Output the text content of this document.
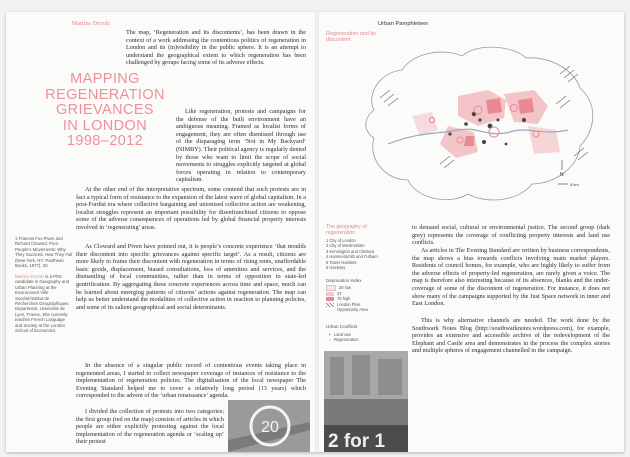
Martine Drozdz

The map, ‘Regeneration and its discontents’, has been drawn in the context of a work addressing the contentious politics of regeneration in London and its (in)visibility in the public sphere. It is an attempt to understand the geographical extent to which regeneration has been challenged by groups facing some of its adverse effects.

MAPPING
REGENERATION
GRIEVANCES
IN LONDON
1998–2012
Like regeneration, protests and campaigns for the defense of the built environment have an ambiguous meaning. Framed as localist forms of engagement, they are often dismissed through use of the disparaging term ‘Not in My Backyard’ (NIMBY). Their political agency is regularly denied by those who want to limit the scope of social movements to struggles explicitly targeted at global forces operating in relation to contemporary capitalism.
At the other end of the interpretative spectrum, some contend that such protests are in fact a typical form of resistance to the expansion of the latest wave of global capitalism. In a post-Fordist era where collective bargaining and unionised collective action are weakening, localist struggles represent an important possibility for disenfranchised citizens to oppose some of the adverse consequences of operations led by global financial property interests involved in ‘regenerating’ areas.
1 Frances Fox Piven and Richard Cloward, Poor People’s Movements: Why They Succeed, How They Fail (New-York, NY: Pantheon Books, 1977), 20.
Martine Drozdz is a PhD candidate in Geography and Urban Planning at the Environment Ville Société/Institut de Recherches Géographiques Department, Université de Lyon, France. She currently teaches French Language and Society at the London School of Economics.
As Cloward and Piven have pointed out, it is people’s concrete experience ‘that moulds their discontent into specific grievances against specific target’. As a result, citizens are more likely to frame their discontent with regeneration in terms of rising rents, unaffordable basic goods, displacement, biased consultations, loss of amenities and services, and the dismantling of local communities, rather than in terms of opposition to state-led gentrification. By aggregating these concrete experiences across time and space, much can be learned about emerging patterns of citizens’ actions against regeneration. The map can help us better understand the modalities of collective action in reaction to planning policies, and some of its salient geographical and social determinants.
In the absence of a singular public record of contentious events taking place in regenerated areas, I started to collect newspaper coverage of instances of resistance to the implementation of regeneration policies. The digitalisation of the local newspaper The Evening Standard helped me to cover a relatively long period (13 years) which corresponded to the advent of the ‘urban renaissance’ agenda.
I divided the collection of protests into two categories; the first group (red on the map) consists of articles in which people are either explicitly protesting against the local implementation of the regeneration agenda or ‘scaling up’ their protest
20
Urban Pamphleteer
Regeneration and its discontent
N
5 km
The geography of regeneration
1 City of London
2 City of Westminster
3 Kensington and Chelsea
4 Hammersmith and Fulham
5 Tower Hamlets
6 Hackney
Deprivation index
28 low
37
78 high
London Plan Opportunity Area
Urban Conflicts
• Land use
○ Regeneration
2 for 1
to demand social, cultural or environmental justice. The second group (dark grey) represents the coverage of conflicting property interests and land use conflicts.
As articles in The Evening Standard are written by business correspondents, the map shows a bias towards conflicts involving main market players. Residents of council homes, for example, who are highly likely to suffer from the adverse effects of property-led regeneration, are rarely given a voice. The map is therefore also interesting because of its absences, blanks and the under-coverage of some of the discontent of regeneration. For instance, it does not show many of the campaigns supported by the Just Space network in inner and East London.
This is why alternative channels are needed. The work done by the Southwark Notes Blog (http://southwarknotes.wordpress.com), for example, provides an extensive and accessible archive of the redevelopment of the Elephant and Castle area and demonstrates in the process the complex stories and multiple spheres of engagement channelled in the campaign.
